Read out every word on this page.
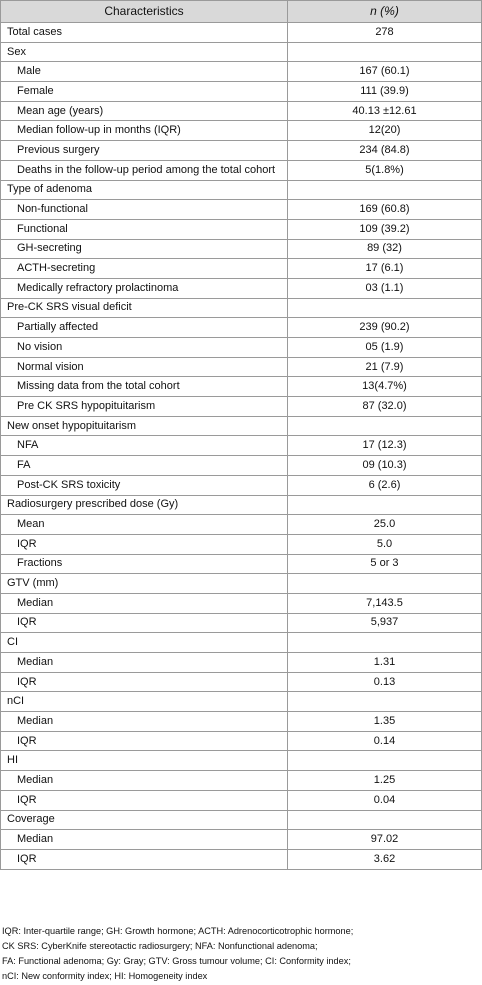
Characteristics	n (%)
Total cases	278
Sex	
Male	167 (60.1)
Female	111 (39.9)
Mean age (years)	40.13 ±12.61
Median follow-up in months (IQR)	12(20)
Previous surgery	234 (84.8)
Deaths in the follow-up period among the total cohort	5(1.8%)
Type of adenoma	
Non-functional	169 (60.8)
Functional	109 (39.2)
GH-secreting	89 (32)
ACTH-secreting	17 (6.1)
Medically refractory prolactinoma	03 (1.1)
Pre-CK SRS visual deficit	
Partially affected	239 (90.2)
No vision	05 (1.9)
Normal vision	21 (7.9)
Missing data from the total cohort	13(4.7%)
Pre CK SRS hypopituitarism	87 (32.0)
New onset hypopituitarism	
NFA	17 (12.3)
FA	09 (10.3)
Post-CK SRS toxicity	6 (2.6)
Radiosurgery prescribed dose (Gy)	
Mean	25.0
IQR	5.0
Fractions	5 or 3
GTV (mm)	
Median	7,143.5
IQR	5,937
CI	
Median	1.31
IQR	0.13
nCI	
Median	1.35
IQR	0.14
HI	
Median	1.25
IQR	0.04
Coverage	
Median	97.02
IQR	3.62
IQR: Inter-quartile range; GH: Growth hormone; ACTH: Adrenocorticotrophic hormone;
CK SRS: CyberKnife stereotactic radiosurgery; NFA: Nonfunctional adenoma;
FA: Functional adenoma; Gy: Gray; GTV: Gross tumour volume; CI: Conformity index;
nCI: New conformity index; HI: Homogeneity index
